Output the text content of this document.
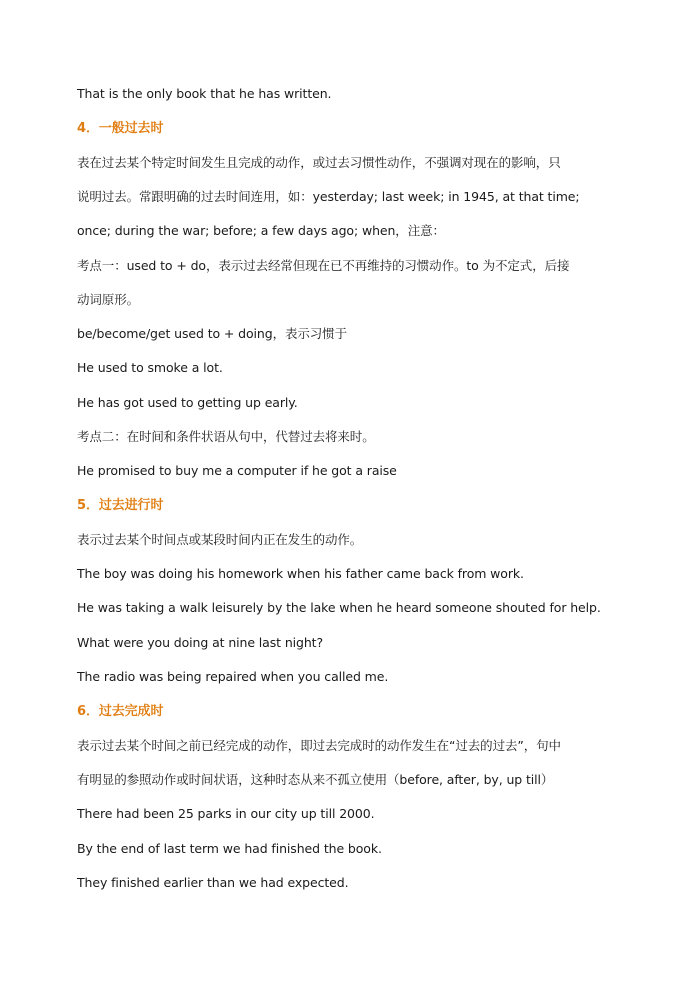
That is the only book that he has written.
4．一般过去时
表在过去某个特定时间发生且完成的动作，或过去习惯性动作，不强调对现在的影响，只
说明过去。常跟明确的过去时间连用，如：yesterday; last week; in 1945, at that time;
once; during the war; before; a few days ago; when，注意：
考点一：used to + do，表示过去经常但现在已不再维持的习惯动作。to 为不定式，后接
动词原形。
be/become/get used to + doing，表示习惯于
He used to smoke a lot.
He has got used to getting up early.
考点二：在时间和条件状语从句中，代替过去将来时。
He promised to buy me a computer if he got a raise
5．过去进行时
表示过去某个时间点或某段时间内正在发生的动作。
The boy was doing his homework when his father came back from work.
He was taking a walk leisurely by the lake when he heard someone shouted for help.
What were you doing at nine last night?
The radio was being repaired when you called me.
6．过去完成时
表示过去某个时间之前已经完成的动作，即过去完成时的动作发生在“过去的过去”，句中
有明显的参照动作或时间状语，这种时态从来不孤立使用（before, after, by, up till）
There had been 25 parks in our city up till 2000.
By the end of last term we had finished the book.
They finished earlier than we had expected.
